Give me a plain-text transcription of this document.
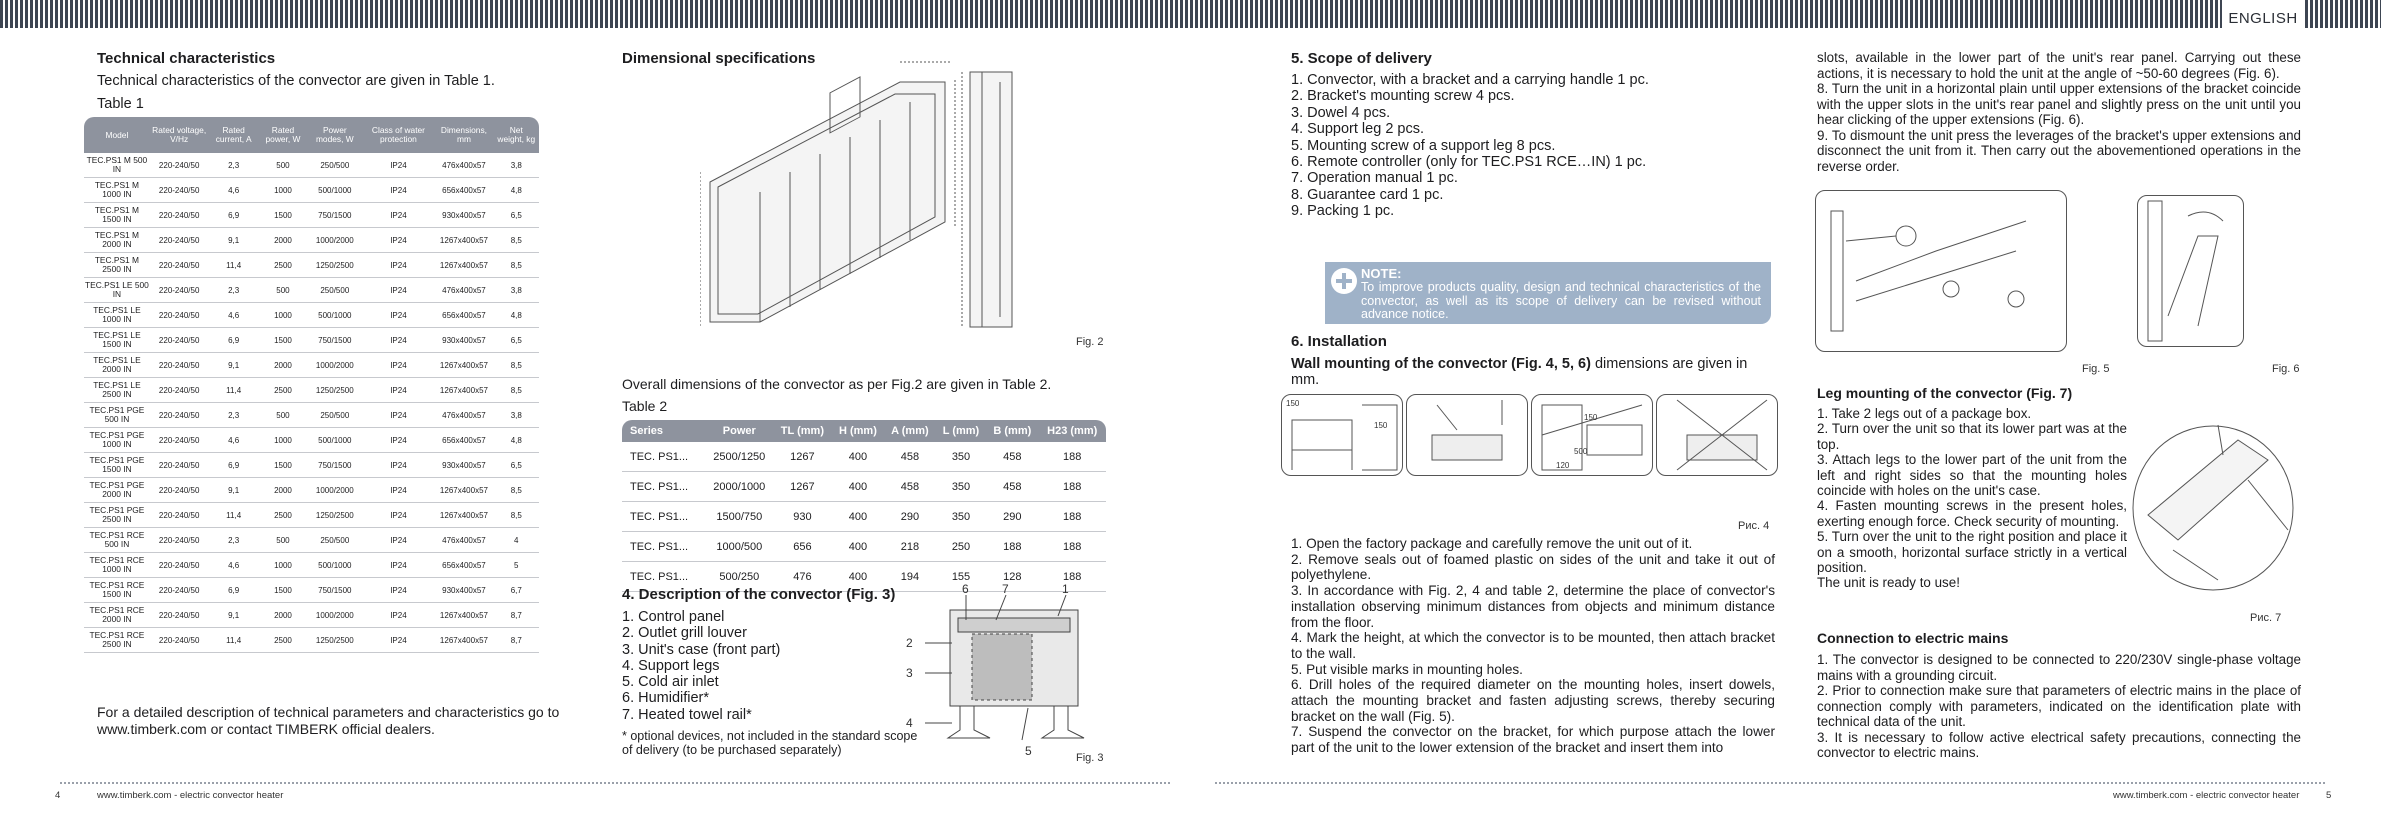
ENGLISH
Technical characteristics
Technical characteristics of the convector are given in Table 1.
Table 1
Model	Rated voltage, V/Hz	Rated current, A	Rated power, W	Power modes, W	Class of water protection	Dimensions, mm	Net weight, kg
TEC.PS1 M 500 IN	220-240/50	2,3	500	250/500	IP24	476x400x57	3,8
TEC.PS1 M 1000 IN	220-240/50	4,6	1000	500/1000	IP24	656x400x57	4,8
TEC.PS1 M 1500 IN	220-240/50	6,9	1500	750/1500	IP24	930x400x57	6,5
TEC.PS1 M 2000 IN	220-240/50	9,1	2000	1000/2000	IP24	1267x400x57	8,5
TEC.PS1 M 2500 IN	220-240/50	11,4	2500	1250/2500	IP24	1267x400x57	8,5
TEC.PS1 LE 500 IN	220-240/50	2,3	500	250/500	IP24	476x400x57	3,8
TEC.PS1 LE 1000 IN	220-240/50	4,6	1000	500/1000	IP24	656x400x57	4,8
TEC.PS1 LE 1500 IN	220-240/50	6,9	1500	750/1500	IP24	930x400x57	6,5
TEC.PS1 LE 2000 IN	220-240/50	9,1	2000	1000/2000	IP24	1267x400x57	8,5
TEC.PS1 LE 2500 IN	220-240/50	11,4	2500	1250/2500	IP24	1267x400x57	8,5
TEC.PS1 PGE 500 IN	220-240/50	2,3	500	250/500	IP24	476x400x57	3,8
TEC.PS1 PGE 1000 IN	220-240/50	4,6	1000	500/1000	IP24	656x400x57	4,8
TEC.PS1 PGE 1500 IN	220-240/50	6,9	1500	750/1500	IP24	930x400x57	6,5
TEC.PS1 PGE 2000 IN	220-240/50	9,1	2000	1000/2000	IP24	1267x400x57	8,5
TEC.PS1 PGE 2500 IN	220-240/50	11,4	2500	1250/2500	IP24	1267x400x57	8,5
TEC.PS1 RCE 500 IN	220-240/50	2,3	500	250/500	IP24	476x400x57	4
TEC.PS1 RCE 1000 IN	220-240/50	4,6	1000	500/1000	IP24	656x400x57	5
TEC.PS1 RCE 1500 IN	220-240/50	6,9	1500	750/1500	IP24	930x400x57	6,7
TEC.PS1 RCE 2000 IN	220-240/50	9,1	2000	1000/2000	IP24	1267x400x57	8,7
TEC.PS1 RCE 2500 IN	220-240/50	11,4	2500	1250/2500	IP24	1267x400x57	8,7
For a detailed description of technical parameters and characteristics go to www.timberk.com or contact TIMBERK official dealers.
Dimensional specifications
Fig. 2
Overall dimensions of the convector as per Fig.2 are given in Table 2.
Table 2
Series	Power	TL (mm)	H (mm)	A (mm)	L (mm)	B (mm)	H23 (mm)
TEC. PS1...	2500/1250	1267	400	458	350	458	188
TEC. PS1...	2000/1000	1267	400	458	350	458	188
TEC. PS1...	1500/750	930	400	290	350	290	188
TEC. PS1...	1000/500	656	400	218	250	188	188
TEC. PS1...	500/250	476	400	194	155	128	188
4. Description of the convector (Fig. 3)
1. Control panel
2. Outlet grill louver
3. Unit's case (front part)
4. Support legs
5. Cold air inlet
6. Humidifier*
7. Heated towel rail*
* optional devices, not included in the standard scope of delivery (to be purchased separately)
6	7	1
2
3
4
5	Fig. 3
5. Scope of delivery
1. Convector, with a bracket and a carrying handle 1 pc.
2. Bracket's mounting screw 4 pcs.
3. Dowel 4 pcs.
4. Support leg 2 pcs.
5. Mounting screw of a support leg 8 pcs.
6. Remote controller (only for TEC.PS1 RCE…IN) 1 pc.
7. Operation manual 1 pc.
8. Guarantee card 1 pc.
9. Packing 1 pc.
NOTE:
To improve products quality, design and technical characteristics of the convector, as well as its scope of delivery can be revised without advance notice.
6. Installation
Wall mounting of the convector (Fig. 4, 5, 6) dimensions are given in mm.
150
150
150
500
120
Рис. 4
1. Open the factory package and carefully remove the unit out of it.
2. Remove seals out of foamed plastic on sides of the unit and take it out of polyethylene.
3. In accordance with Fig. 2, 4 and table 2, determine the place of convector's installation observing minimum distances from objects and minimum distance from the floor.
4. Mark the height, at which the convector is to be mounted, then attach bracket to the wall.
5. Put visible marks in mounting holes.
6. Drill holes of the required diameter on the mounting holes, insert dowels, attach the mounting bracket and fasten adjusting screws, thereby securing bracket on the wall (Fig. 5).
7. Suspend the convector on the bracket, for which purpose attach the lower part of the unit to the lower extension of the bracket and insert them into
slots, available in the lower part of the unit's rear panel. Carrying out these actions, it is necessary to hold the unit at the angle of ~50-60 degrees (Fig. 6).
8. Turn the unit in a horizontal plain until upper extensions of the bracket coincide with the upper slots in the unit's rear panel and slightly press on the unit until you hear clicking of the upper extensions (Fig. 6).
9. To dismount the unit press the leverages of the bracket's upper extensions and disconnect the unit from it. Then carry out the abovementioned operations in the reverse order.
Fig. 5	Fig. 6
Leg mounting of the convector (Fig. 7)
1. Take 2 legs out of a package box.
2. Turn over the unit so that its lower part was at the top.
3. Attach legs to the lower part of the unit from the left and right sides so that the mounting holes coincide with holes on the unit's case.
4. Fasten mounting screws in the present holes, exerting enough force. Check security of mounting.
5. Turn over the unit to the right position and place it on a smooth, horizontal surface strictly in a vertical position.
The unit is ready to use!
Рис. 7
Connection to electric mains
1. The convector is designed to be connected to 220/230V single-phase voltage mains with a grounding circuit.
2. Prior to connection make sure that parameters of electric mains in the place of connection comply with parameters, indicated on the identification plate with technical data of the unit.
3. It is necessary to follow active electrical safety precautions, connecting the convector to electric mains.
4	www.timberk.com - electric convector heater	www.timberk.com - electric convector heater	5
